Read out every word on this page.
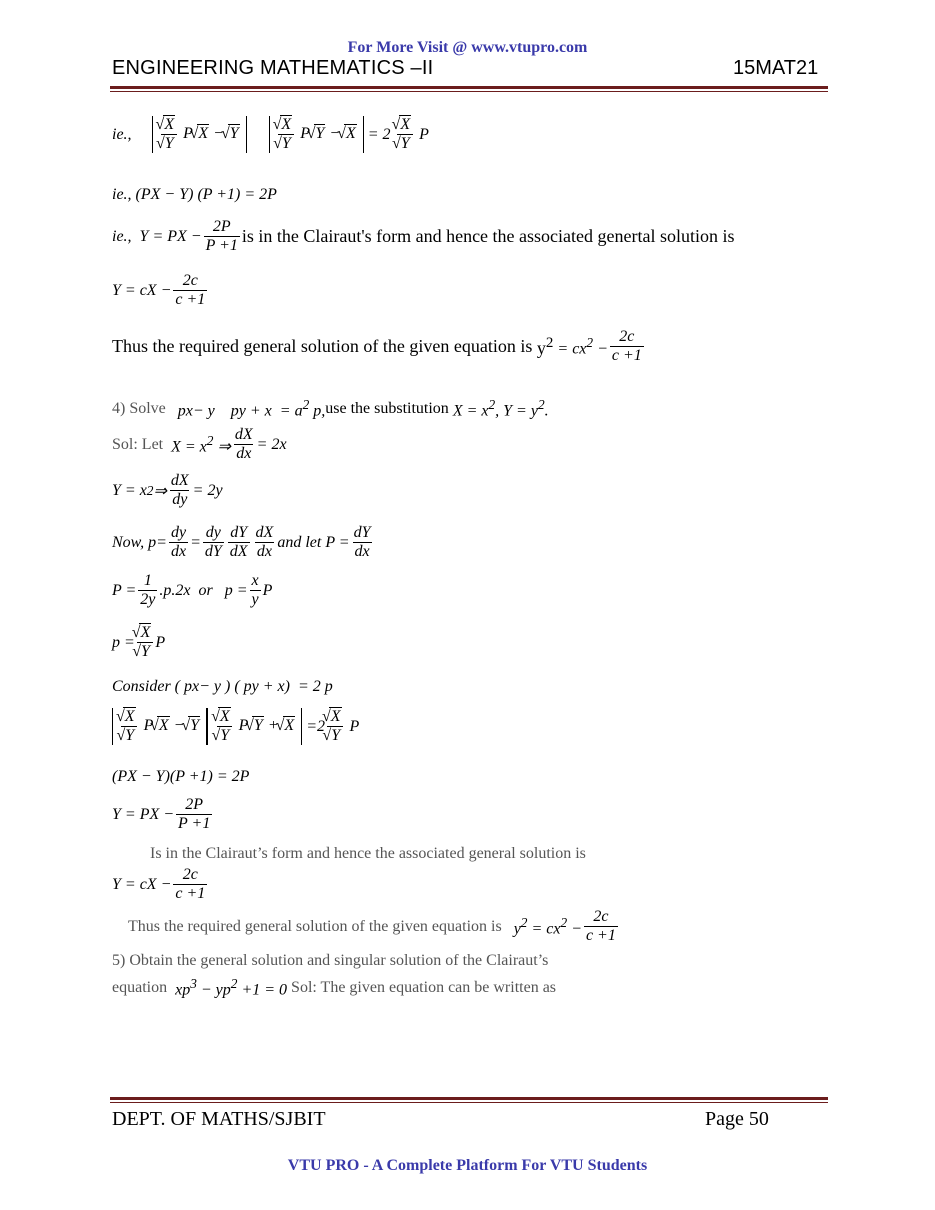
For More Visit @ www.vtupro.com
ENGINEERING MATHEMATICS –II	15MAT21
ie., √ X
√ Y P √ X − √ Y	√ X
√ Y P √ Y − √ X = 2 √ X
√ Y P
ie., (PX − Y) (P +1) = 2P
ie.,  Y = PX − $\frac{2P}{P +1}$ is in the Clairaut's form and hence the associated genertal solution is
Y = cX − $\frac{2c}{c +1}$
Thus the required general solution of the given equation is $y^2 = cx^2 - \frac{2c}{c +1}$
4) Solve px− y    py + $x = a^2$ p, use the substitution $X = x^2$, $Y = y^2$.
Sol: Let $X = x^2$ ⇒ $\frac{dX}{dx} = 2x$
Y = x 2 ⇒ $\frac{dX}{dy} = 2y$
Now, $p= \frac{dy}{dx} = \frac{dy}{dY} \frac{dY}{dX} \frac{dX}{dx}$ and let $P = \frac{dY}{dx}$
$P = \frac{1}{2y} .p.2x$  or   $p = \frac{x}{y}$ P
p = √ X
√ Y P
Consider ( px− y ) ( py + x)  = 2 p
√ X
√ Y P √ X − √ Y	√ X
√ Y P √ Y + √ X =2 √ X
√ Y P
(PX − Y)(P +1) = 2P
Y = PX − $\frac{2P}{P +1}$
Is in the Clairaut’s form and hence the associated general solution is
Y = cX − $\frac{2c}{c +1}$
Thus the required general solution of the given equation is $y^2 = cx^2 - \frac{2c}{c +1}$
5) Obtain the general solution and singular solution of the Clairaut’s
equation $xp^3 - yp^2 +1 = 0$ Sol: The given equation can be written as
DEPT. OF MATHS/SJBIT	Page 50
VTU PRO - A Complete Platform For VTU Students
